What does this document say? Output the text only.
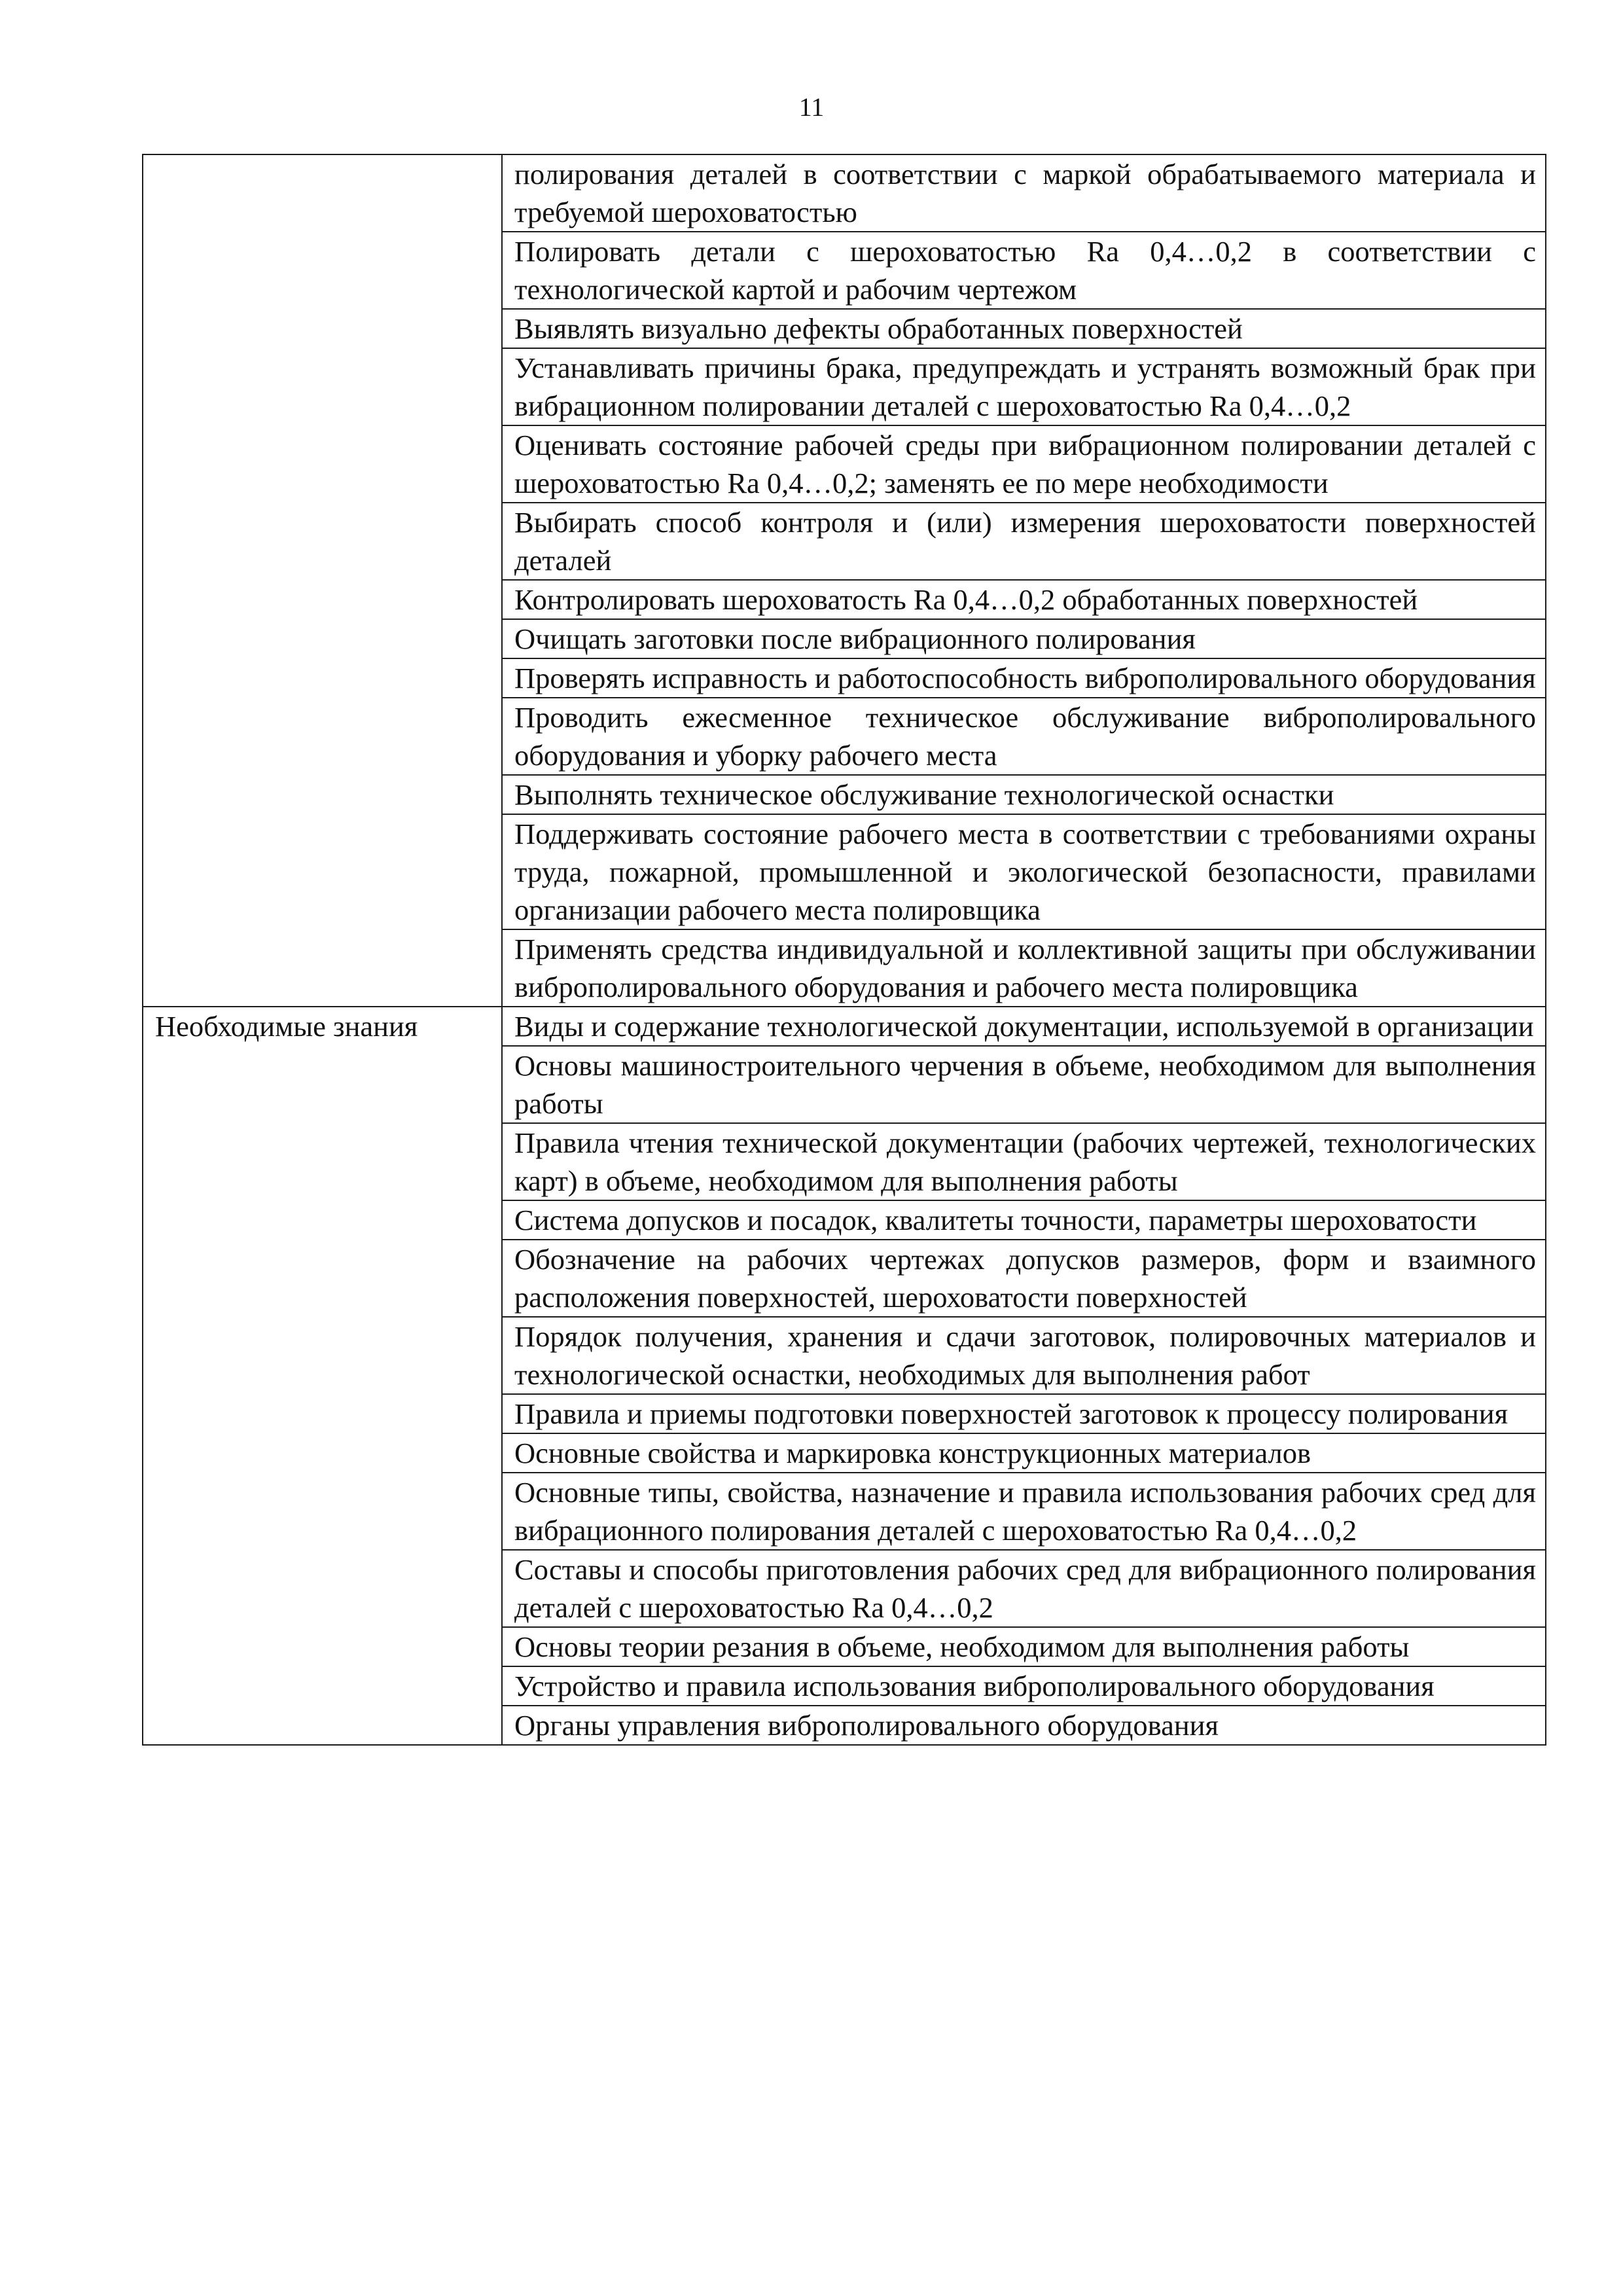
11
	полирования деталей в соответствии с маркой обрабатываемого материала и требуемой шероховатостью
	Полировать детали с шероховатостью Ra 0,4…0,2 в соответствии с технологической картой и рабочим чертежом
	Выявлять визуально дефекты обработанных поверхностей
	Устанавливать причины брака, предупреждать и устранять возможный брак при вибрационном полировании деталей с шероховатостью Ra 0,4…0,2
	Оценивать состояние рабочей среды при вибрационном полировании деталей с шероховатостью Ra 0,4…0,2; заменять ее по мере необходимости
	Выбирать способ контроля и (или) измерения шероховатости поверхностей деталей
	Контролировать шероховатость Ra 0,4…0,2 обработанных поверхностей
	Очищать заготовки после вибрационного полирования
	Проверять исправность и работоспособность виброполировального оборудования
	Проводить ежесменное техническое обслуживание виброполировального оборудования и уборку рабочего места
	Выполнять техническое обслуживание технологической оснастки
	Поддерживать состояние рабочего места в соответствии с требованиями охраны труда, пожарной, промышленной и экологической безопасности, правилами организации рабочего места полировщика
	Применять средства индивидуальной и коллективной защиты при обслуживании виброполировального оборудования и рабочего места полировщика
Необходимые знания	Виды и содержание технологической документации, используемой в организации
	Основы машиностроительного черчения в объеме, необходимом для выполнения работы
	Правила чтения технической документации (рабочих чертежей, технологических карт) в объеме, необходимом для выполнения работы
	Система допусков и посадок, квалитеты точности, параметры шероховатости
	Обозначение на рабочих чертежах допусков размеров, форм и взаимного расположения поверхностей, шероховатости поверхностей
	Порядок получения, хранения и сдачи заготовок, полировочных материалов и технологической оснастки, необходимых для выполнения работ
	Правила и приемы подготовки поверхностей заготовок к процессу полирования
	Основные свойства и маркировка конструкционных материалов
	Основные типы, свойства, назначение и правила использования рабочих сред для вибрационного полирования деталей с шероховатостью Ra 0,4…0,2
	Составы и способы приготовления рабочих сред для вибрационного полирования деталей с шероховатостью Ra 0,4…0,2
	Основы теории резания в объеме, необходимом для выполнения работы
	Устройство и правила использования виброполировального оборудования
	Органы управления виброполировального оборудования
